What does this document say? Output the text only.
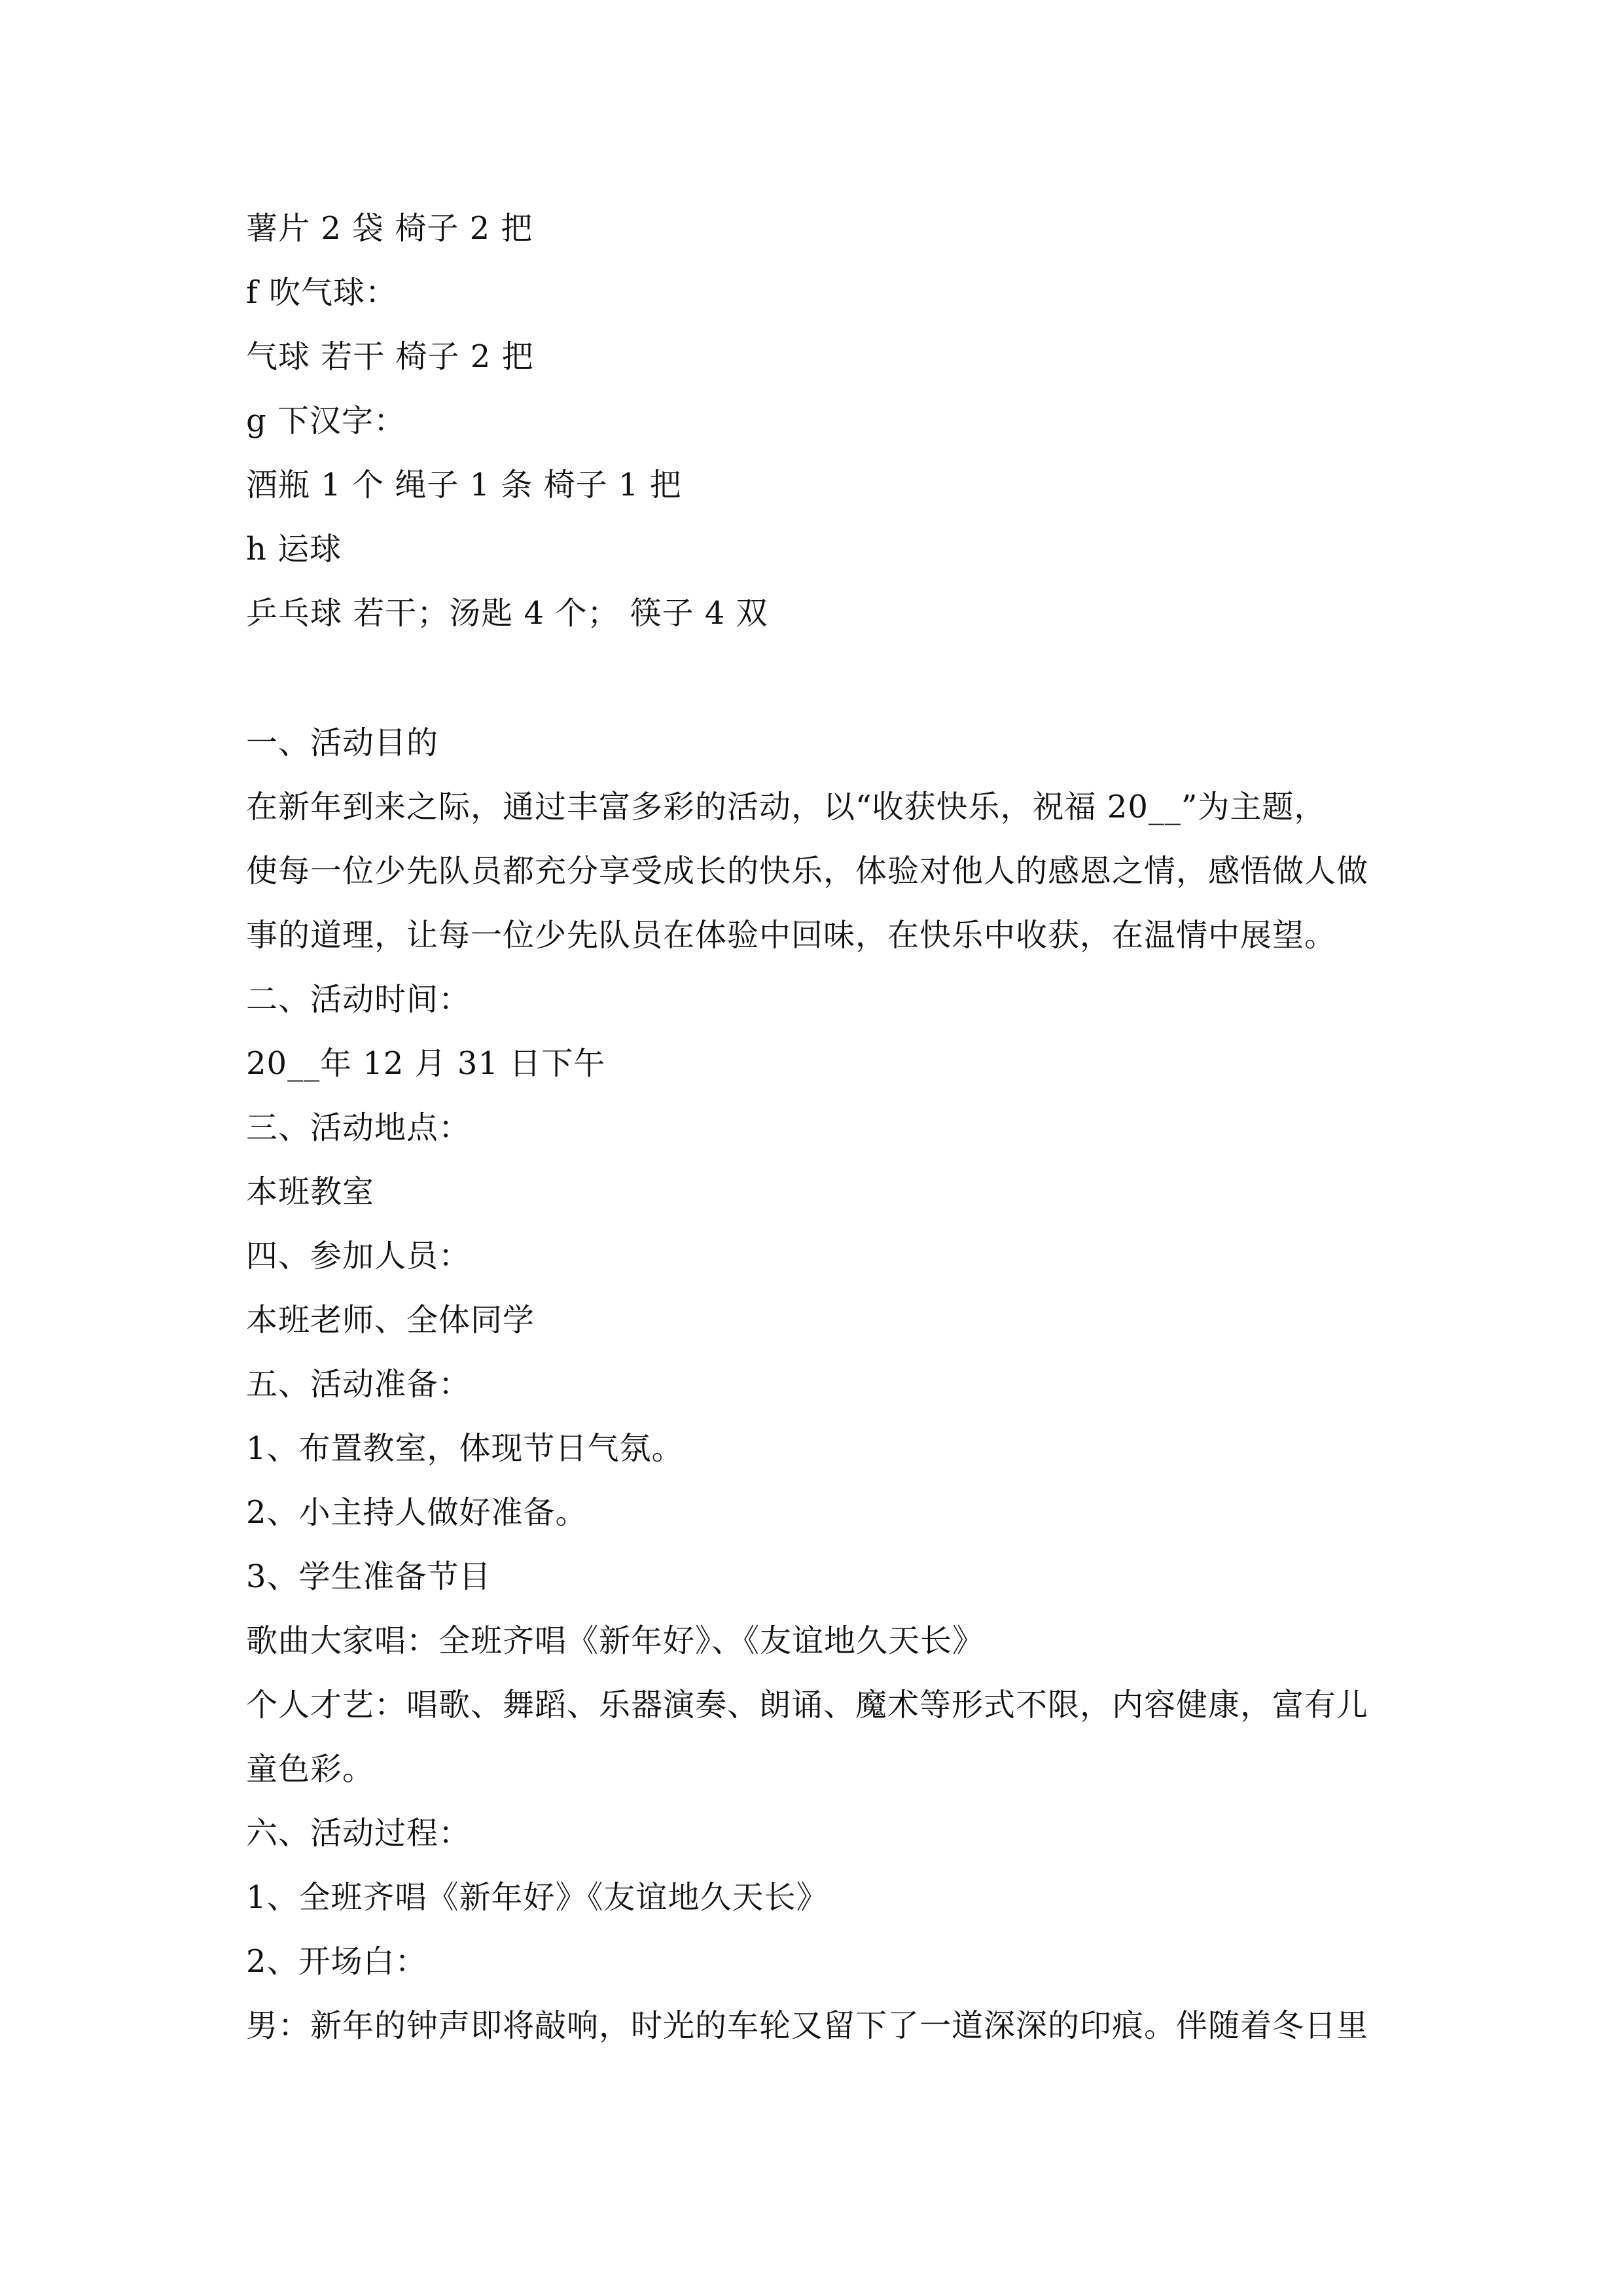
薯片 2 袋 椅子 2 把
f 吹气球：
气球 若干 椅子 2 把
g 下汉字：
酒瓶 1 个 绳子 1 条 椅子 1 把
h 运球
乒乓球 若干；汤匙 4 个； 筷子 4 双
一、活动目的
在新年到来之际，通过丰富多彩的活动，以“收获快乐，祝福 20__”为主题，
使每一位少先队员都充分享受成长的快乐，体验对他人的感恩之情，感悟做人做
事的道理，让每一位少先队员在体验中回味，在快乐中收获，在温情中展望。
二、活动时间：
20__年 12 月 31 日下午
三、活动地点：
本班教室
四、参加人员：
本班老师、全体同学
五、活动准备：
1、布置教室，体现节日气氛。
2、小主持人做好准备。
3、学生准备节目
歌曲大家唱：全班齐唱《新年好》、《友谊地久天长》
个人才艺：唱歌、舞蹈、乐器演奏、朗诵、魔术等形式不限，内容健康，富有儿
童色彩。
六、活动过程：
1、全班齐唱《新年好》《友谊地久天长》
2、开场白：
男：新年的钟声即将敲响，时光的车轮又留下了一道深深的印痕。伴随着冬日里
